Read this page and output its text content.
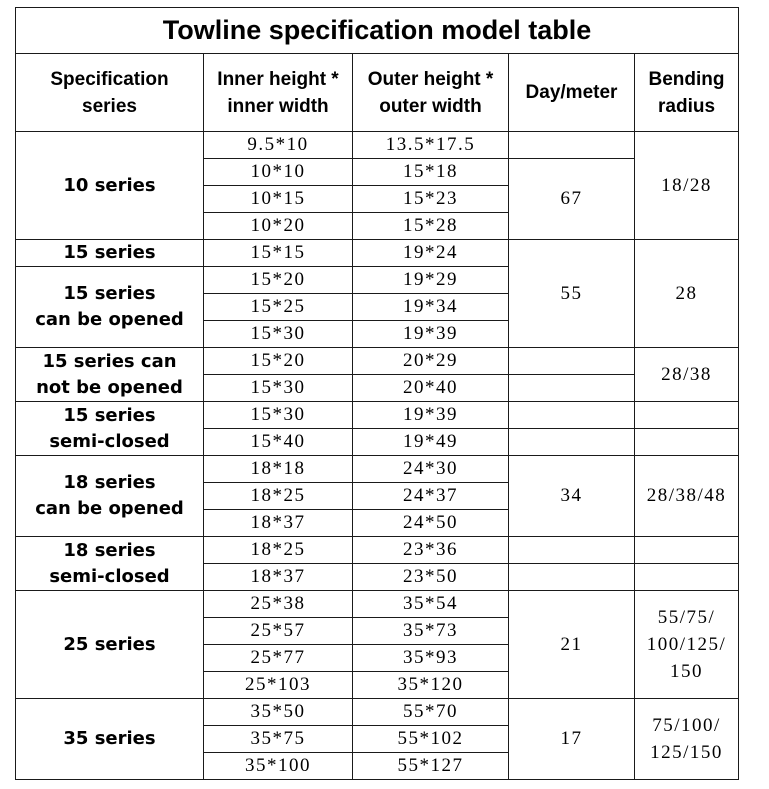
Towline specification model table				
Specification
series	Inner height *
inner width	Outer height *
outer width	Day/meter	Bending
radius
10 series	9.5*10	13.5*17.5		18/28
	10*10	15*18	67	
	10*15	15*23		
	10*20	15*28		
15 series	15*15	19*24	55	28
15 series
can be opened	15*20	19*29		
	15*25	19*34		
	15*30	19*39		
15 series can
not be opened	15*20	20*29		28/38
	15*30	20*40		
15 series
semi-closed	15*30	19*39		
	15*40	19*49		
18 series
can be opened	18*18	24*30	34	28/38/48
	18*25	24*37		
	18*37	24*50		
18 series
semi-closed	18*25	23*36		
	18*37	23*50		
25 series	25*38	35*54	21	55/75/
100/125/
150
	25*57	35*73		
	25*77	35*93		
	25*103	35*120		
35 series	35*50	55*70	17	75/100/
125/150
	35*75	55*102		
	35*100	55*127		
